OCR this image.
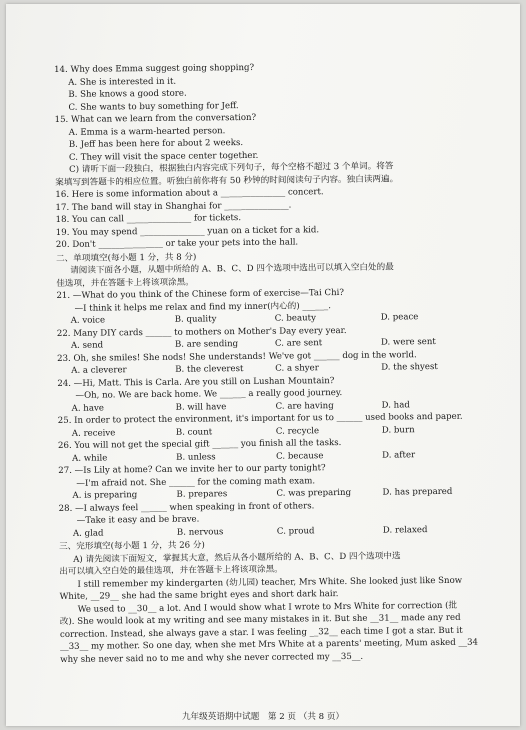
14. Why does Emma suggest going shopping?
A. She is interested in it.
B. She knows a good store.
C. She wants to buy something for Jeff.
15. What can we learn from the conversation?
A. Emma is a warm-hearted person.
B. Jeff has been here for about 2 weeks.
C. They will visit the space center together.
C) 请听下面一段独白，根据独白内容完成下列句子，每个空格不超过 3 个单词。将答
案填写到答题卡的相应位置。听独白前你将有 50 秒钟的时间阅读句子内容。独白读两遍。
16. Here is some information about a _______________ concert.
17. The band will stay in Shanghai for _______________.
18. You can call _______________ for tickets.
19. You may spend _______________ yuan on a ticket for a kid.
20. Don't _______________ or take your pets into the hall.
二、单项填空(每小题 1 分，共 8 分)
请阅读下面各小题，从题中所给的 A、B、C、D 四个选项中选出可以填入空白处的最
佳选项，并在答题卡上将该项涂黑。
21. —What do you think of the Chinese form of exercise—Tai Chi?
—I think it helps me relax and find my inner(内心的) ______.
A. voice	B. quality	C. beauty	D. peace
22. Many DIY cards ______ to mothers on Mother's Day every year.
A. send	B. are sending	C. are sent	D. were sent
23. Oh, she smiles! She nods! She understands! We've got ______ dog in the world.
A. a cleverer	B. the cleverest	C. a shyer	D. the shyest
24. —Hi, Matt. This is Carla. Are you still on Lushan Mountain?
—Oh, no. We are back home. We ______ a really good journey.
A. have	B. will have	C. are having	D. had
25. In order to protect the environment, it's important for us to ______ used books and paper.
A. receive	B. count	C. recycle	D. burn
26. You will not get the special gift ______ you finish all the tasks.
A. while	B. unless	C. because	D. after
27. —Is Lily at home? Can we invite her to our party tonight?
—I'm afraid not. She ______ for the coming math exam.
A. is preparing	B. prepares	C. was preparing	D. has prepared
28. —I always feel ______ when speaking in front of others.
—Take it easy and be brave.
A. glad	B. nervous	C. proud	D. relaxed
三、完形填空(每小题 1 分，共 26 分)
A) 请先阅读下面短文，掌握其大意，然后从各小题所给的 A、B、C、D 四个选项中选
出可以填入空白处的最佳选项，并在答题卡上将该项涂黑。
I still remember my kindergarten (幼儿园) teacher, Mrs White. She looked just like Snow
White, __29__ she had the same bright eyes and short dark hair.
We used to __30__ a lot. And I would show what I wrote to Mrs White for correction (批
改). She would look at my writing and see many mistakes in it. But she __31__ made any red
correction. Instead, she always gave a star. I was feeling __32__ each time I got a star. But it
__33__ my mother. So one day, when she met Mrs White at a parents' meeting, Mum asked __34
why she never said no to me and why she never corrected my __35__.
九年级英语期中试题　第 2 页 （共 8 页）
